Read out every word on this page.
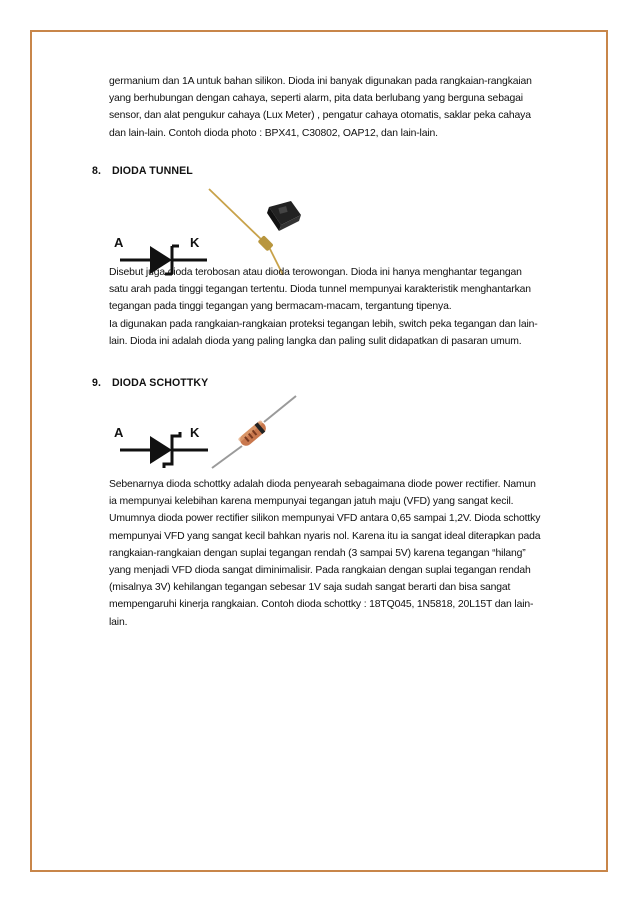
germanium dan 1A untuk bahan silikon. Dioda ini banyak digunakan pada rangkaian-rangkaian
yang berhubungan dengan cahaya, seperti alarm, pita data berlubang yang berguna sebagai
sensor, dan alat pengukur cahaya (Lux Meter) , pengatur cahaya otomatis, saklar peka cahaya
dan lain-lain. Contoh dioda photo : BPX41, C30802, OAP12, dan lain-lain.
8. DIODA TUNNEL
A	K
Disebut juga dioda terobosan atau dioda terowongan. Dioda ini hanya menghantar tegangan
satu arah pada tinggi tegangan tertentu. Dioda tunnel mempunyai karakteristik menghantarkan
tegangan pada tinggi tegangan yang bermacam-macam, tergantung tipenya.
Ia digunakan pada rangkaian-rangkaian proteksi tegangan lebih, switch peka tegangan dan lain-
lain. Dioda ini adalah dioda yang paling langka dan paling sulit didapatkan di pasaran umum.
9. DIODA SCHOTTKY
A	K
Sebenarnya dioda schottky adalah dioda penyearah sebagaimana diode power rectifier. Namun
ia mempunyai kelebihan karena mempunyai tegangan jatuh maju (VFD) yang sangat kecil.
Umumnya dioda power rectifier silikon mempunyai VFD antara 0,65 sampai 1,2V. Dioda schottky
mempunyai VFD yang sangat kecil bahkan nyaris nol. Karena itu ia sangat ideal diterapkan pada
rangkaian-rangkaian dengan suplai tegangan rendah (3 sampai 5V) karena tegangan “hilang”
yang menjadi VFD dioda sangat diminimalisir. Pada rangkaian dengan suplai tegangan rendah
(misalnya 3V) kehilangan tegangan sebesar 1V saja sudah sangat berarti dan bisa sangat
mempengaruhi kinerja rangkaian. Contoh dioda schottky : 18TQ045, 1N5818, 20L15T dan lain-
lain.
